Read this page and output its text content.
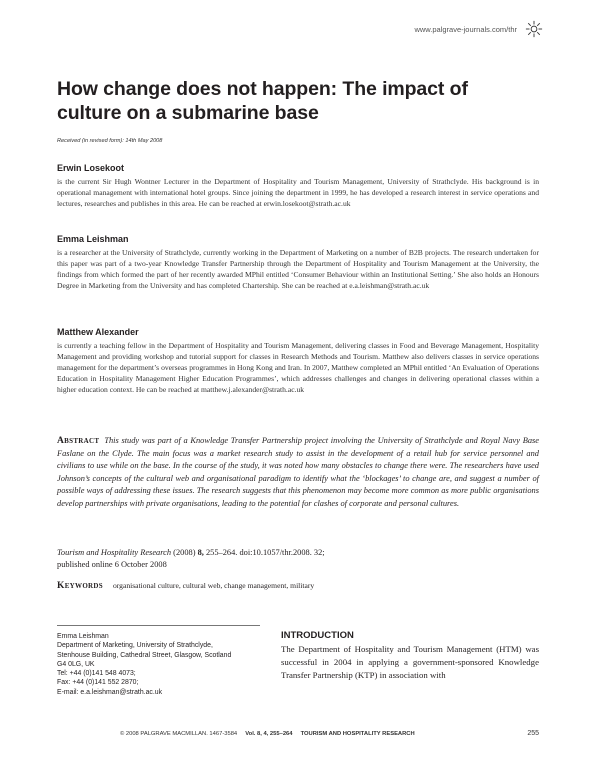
www.palgrave-journals.com/thr
How change does not happen: The impact of culture on a submarine base
Received (in revised form): 14th May 2008
Erwin Losekoot
is the current Sir Hugh Wontner Lecturer in the Department of Hospitality and Tourism Management, University of Strathclyde. His background is in operational management with international hotel groups. Since joining the department in 1999, he has developed a research interest in service operations and lectures, researches and publishes in this area. He can be reached at erwin.losekoot@strath.ac.uk
Emma Leishman
is a researcher at the University of Strathclyde, currently working in the Department of Marketing on a number of B2B projects. The research undertaken for this paper was part of a two-year Knowledge Transfer Partnership through the Department of Hospitality and Tourism Management at the University, the findings from which formed the part of her recently awarded MPhil entitled ‘Consumer Behaviour within an Institutional Setting.’ She also holds an Honours Degree in Marketing from the University and has completed Chartership. She can be reached at e.a.leishman@strath.ac.uk
Matthew Alexander
is currently a teaching fellow in the Department of Hospitality and Tourism Management, delivering classes in Food and Beverage Management, Hospitality Management and providing workshop and tutorial support for classes in Research Methods and Tourism. Matthew also delivers classes in service operations management for the department’s overseas programmes in Hong Kong and Iran. In 2007, Matthew completed an MPhil entitled ‘An Evaluation of Operations Education in Hospitality Management Higher Education Programmes’, which addresses challenges and changes in delivering operational classes within a higher education context. He can be reached at matthew.j.alexander@strath.ac.uk
Abstract This study was part of a Knowledge Transfer Partnership project involving the University of Strathclyde and Royal Navy Base Faslane on the Clyde. The main focus was a market research study to assist in the development of a retail hub for service personnel and civilians to use while on the base. In the course of the study, it was noted how many obstacles to change there were. The researchers have used Johnson’s concepts of the cultural web and organisational paradigm to identify what the ‘blockages’ to change are, and suggest a number of possible ways of addressing these issues. The research suggests that this phenomenon may become more common as more public organisations develop partnerships with private organisations, leading to the potential for clashes of corporate and personal cultures.
Tourism and Hospitality Research (2008) 8, 255–264. doi:10.1057/thr.2008. 32;
published online 6 October 2008
Keywords organisational culture, cultural web, change management, military
Emma Leishman
Department of Marketing, University of Strathclyde,
Stenhouse Building, Cathedral Street, Glasgow, Scotland
G4 0LG, UK
Tel: +44 (0)141 548 4073;
Fax: +44 (0)141 552 2870;
E-mail: e.a.leishman@strath.ac.uk
INTRODUCTION
The Department of Hospitality and Tourism Management (HTM) was successful in 2004 in applying a government-sponsored Knowledge Transfer Partnership (KTP) in association with
© 2008 PALGRAVE MACMILLAN. 1467-3584 Vol. 8, 4, 255–264 TOURISM AND HOSPITALITY RESEARCH	255
